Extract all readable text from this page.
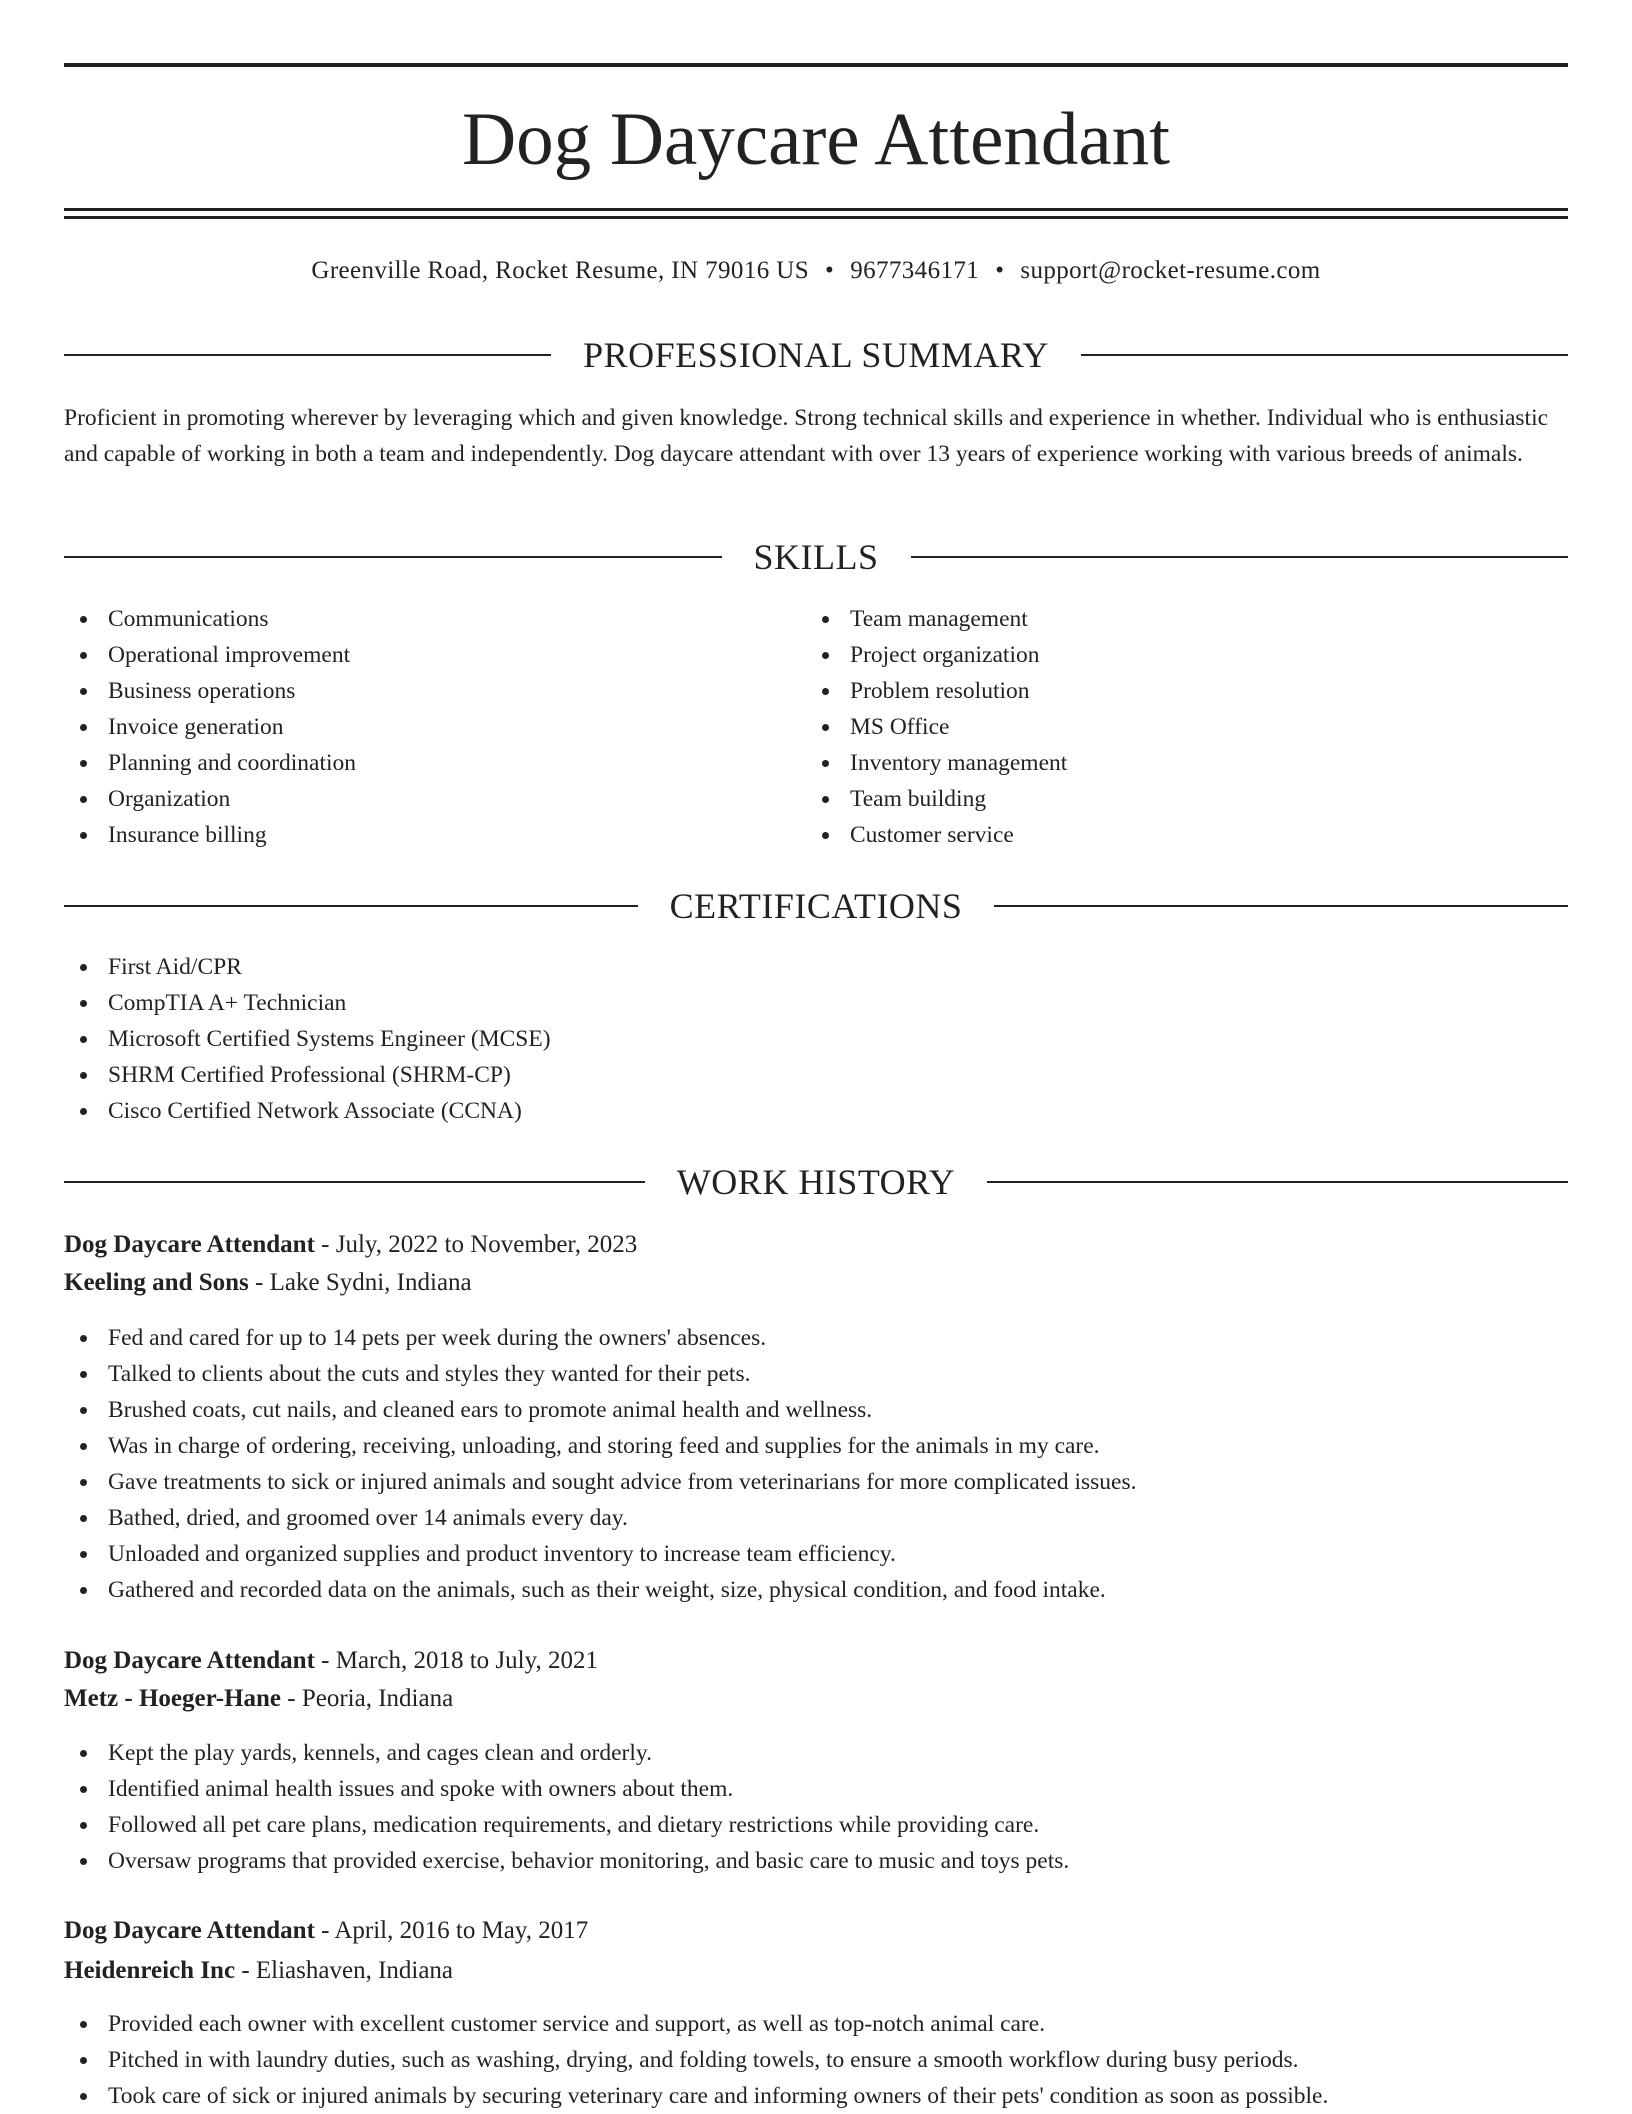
Dog Daycare Attendant
Greenville Road, Rocket Resume, IN 79016 US • 9677346171 • support@rocket-resume.com
PROFESSIONAL SUMMARY

Proficient in promoting wherever by leveraging which and given knowledge. Strong technical skills and experience in whether. Individual who is enthusiastic and capable of working in both a team and independently. Dog daycare attendant with over 13 years of experience working with various breeds of animals.

SKILLS
Communications
Operational improvement
Business operations
Invoice generation
Planning and coordination
Organization
Insurance billing
Team management
Project organization
Problem resolution
MS Office
Inventory management
Team building
Customer service
CERTIFICATIONS
First Aid/CPR
CompTIA A+ Technician
Microsoft Certified Systems Engineer (MCSE)
SHRM Certified Professional (SHRM-CP)
Cisco Certified Network Associate (CCNA)
WORK HISTORY
Dog Daycare Attendant - July, 2022 to November, 2023
Keeling and Sons - Lake Sydni, Indiana
Fed and cared for up to 14 pets per week during the owners' absences.
Talked to clients about the cuts and styles they wanted for their pets.
Brushed coats, cut nails, and cleaned ears to promote animal health and wellness.
Was in charge of ordering, receiving, unloading, and storing feed and supplies for the animals in my care.
Gave treatments to sick or injured animals and sought advice from veterinarians for more complicated issues.
Bathed, dried, and groomed over 14 animals every day.
Unloaded and organized supplies and product inventory to increase team efficiency.
Gathered and recorded data on the animals, such as their weight, size, physical condition, and food intake.
Dog Daycare Attendant - March, 2018 to July, 2021
Metz - Hoeger-Hane - Peoria, Indiana
Kept the play yards, kennels, and cages clean and orderly.
Identified animal health issues and spoke with owners about them.
Followed all pet care plans, medication requirements, and dietary restrictions while providing care.
Oversaw programs that provided exercise, behavior monitoring, and basic care to music and toys pets.
Dog Daycare Attendant - April, 2016 to May, 2017
Heidenreich Inc - Eliashaven, Indiana
Provided each owner with excellent customer service and support, as well as top-notch animal care.
Pitched in with laundry duties, such as washing, drying, and folding towels, to ensure a smooth workflow during busy periods.
Took care of sick or injured animals by securing veterinary care and informing owners of their pets' condition as soon as possible.
